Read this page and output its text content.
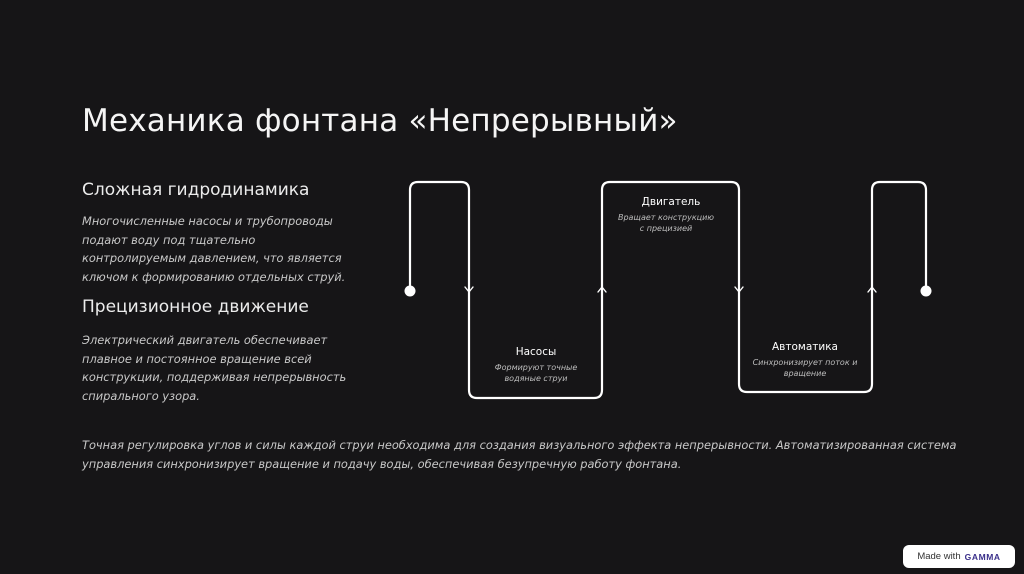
Механика фонтана «Непрерывный»
Сложная гидродинамика
Многочисленные насосы и трубопроводы подают воду под тщательно контролируемым давлением, что является ключом к формированию отдельных струй.
Прецизионное движение
Электрический двигатель обеспечивает плавное и постоянное вращение всей конструкции, поддерживая непрерывность спирального узора.
Насосы
Формируют точные водяные струи
Двигатель
Вращает конструкцию с прецизией
Автоматика
Синхронизирует поток и вращение
Точная регулировка углов и силы каждой струи необходима для создания визуального эффекта непрерывности. Автоматизированная система управления синхронизирует вращение и подачу воды, обеспечивая безупречную работу фонтана.
Made with GAMMA
